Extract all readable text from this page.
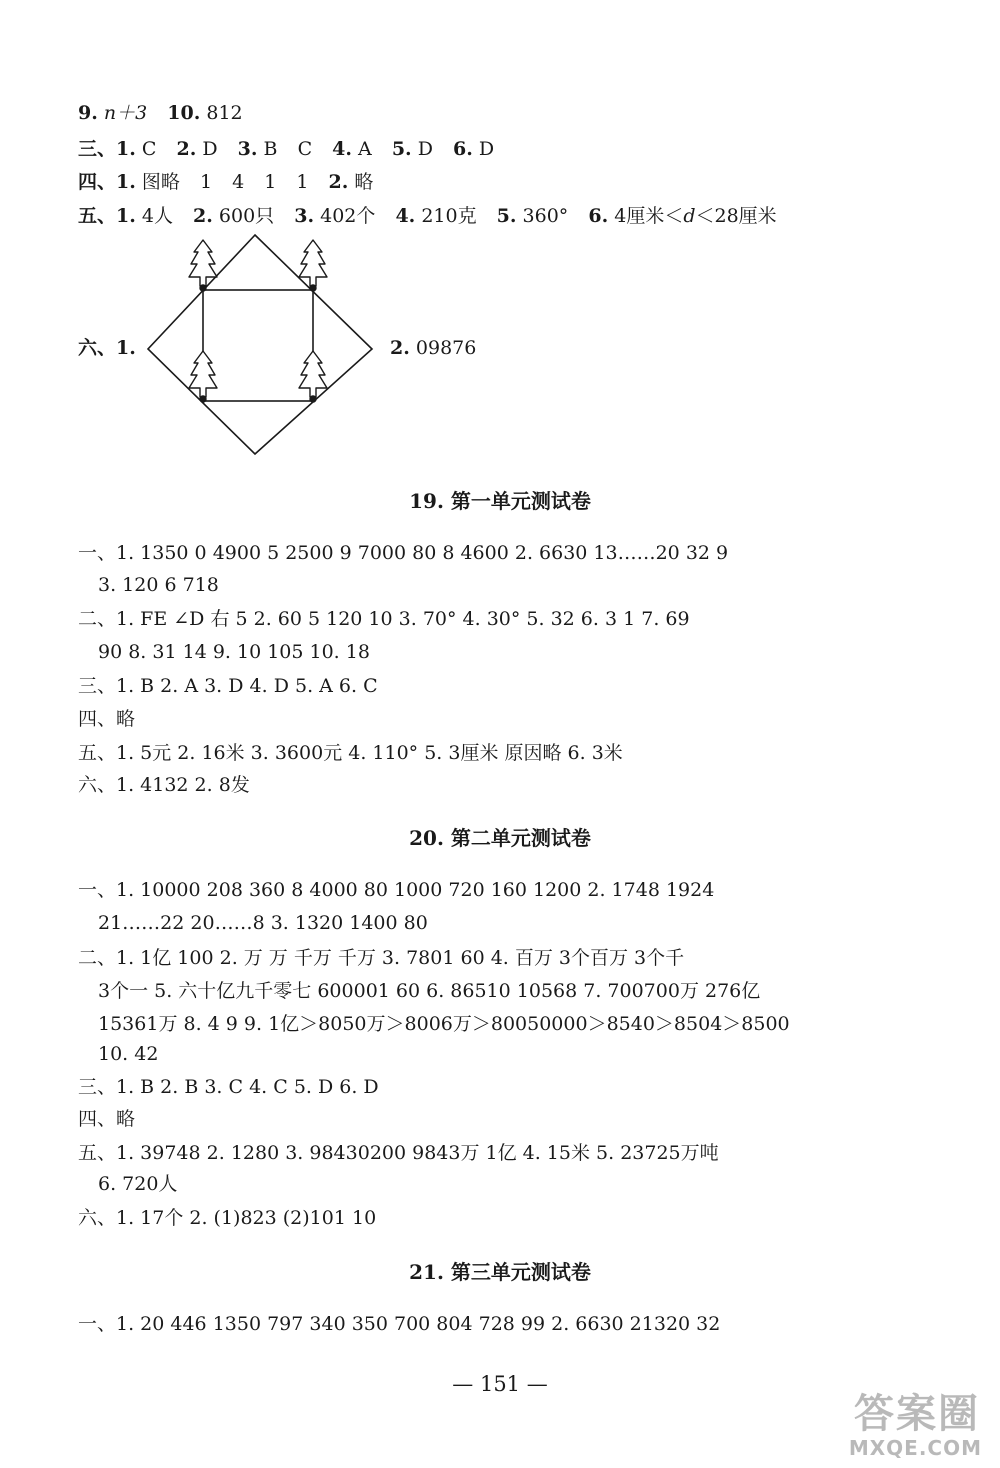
9. n＋3 10. 812
三、1. C 2. D 3. B C 4. A 5. D 6. D
四、1. 图略 1 4 1 1 2. 略
五、1. 4人 2. 600只 3. 402个 4. 210克 5. 360° 6. 4厘米＜d＜28厘米
六、1.	2. 09876
19. 第一单元测试卷
一、1. 1350 0 4900 5 2500 9 7000 80 8 4600 2. 6630 13……20 32 9
3. 120 6 718
二、1. FE ∠D 右 5 2. 60 5 120 10 3. 70° 4. 30° 5. 32 6. 3 1 7. 69
90 8. 31 14 9. 10 105 10. 18
三、1. B 2. A 3. D 4. D 5. A 6. C
四、略
五、1. 5元 2. 16米 3. 3600元 4. 110° 5. 3厘米 原因略 6. 3米
六、1. 4132 2. 8发
20. 第二单元测试卷
一、1. 10000 208 360 8 4000 80 1000 720 160 1200 2. 1748 1924
21……22 20……8 3. 1320 1400 80
二、1. 1亿 100 2. 万 万 千万 千万 3. 7801 60 4. 百万 3个百万 3个千
3个一 5. 六十亿九千零七 600001 60 6. 86510 10568 7. 700700万 276亿
15361万 8. 4 9 9. 1亿＞8050万＞8006万＞80050000＞8540＞8504＞8500
10. 42
三、1. B 2. B 3. C 4. C 5. D 6. D
四、略
五、1. 39748 2. 1280 3. 98430200 9843万 1亿 4. 15米 5. 23725万吨
6. 720人
六、1. 17个 2. (1)823 (2)101 10
21. 第三单元测试卷
一、1. 20 446 1350 797 340 350 700 804 728 99 2. 6630 21320 32
— 151 —
答案圈
MXQE.COM
